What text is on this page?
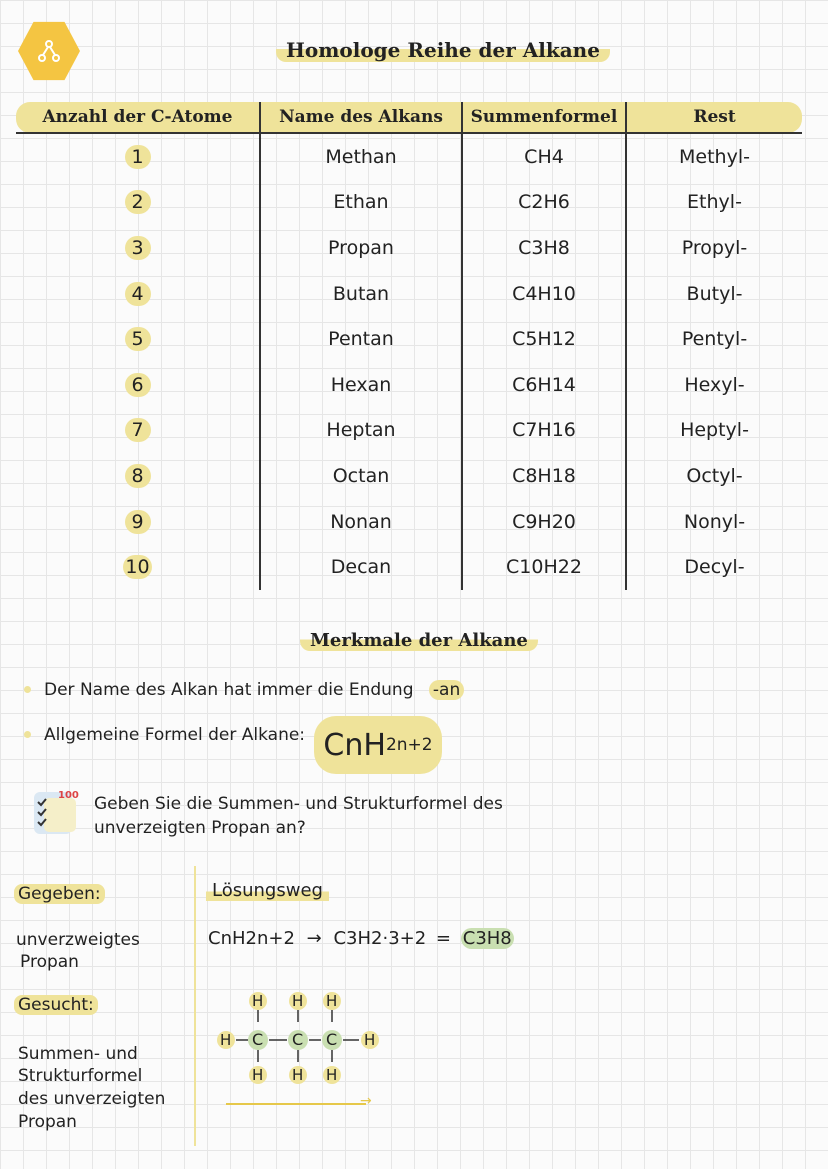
Homologe Reihe der Alkane
Anzahl der C-Atome	Name des Alkans	Summenformel	Rest
1	Methan	CH4	Methyl-
2	Ethan	C2H6	Ethyl-
3	Propan	C3H8	Propyl-
4	Butan	C4H10	Butyl-
5	Pentan	C5H12	Pentyl-
6	Hexan	C6H14	Hexyl-
7	Heptan	C7H16	Heptyl-
8	Octan	C8H18	Octyl-
9	Nonan	C9H20	Nonyl-
10	Decan	C10H22	Decyl-
Merkmale der Alkane
Der Name des Alkan hat immer die Endung -an
Allgemeine Formel der Alkane: CnH 2n+2
100 Geben Sie die Summen- und Strukturformel des
unverzeigten Propan an?
Gegeben:
unverzweigtes
Propan
Gesucht:
Summen- und
Strukturformel
des unverzeigten
Propan
Lösungsweg
CnH2n+2 → C3H2·3+2 = C3H8
H H H
H H H
H	H
C C C
→
